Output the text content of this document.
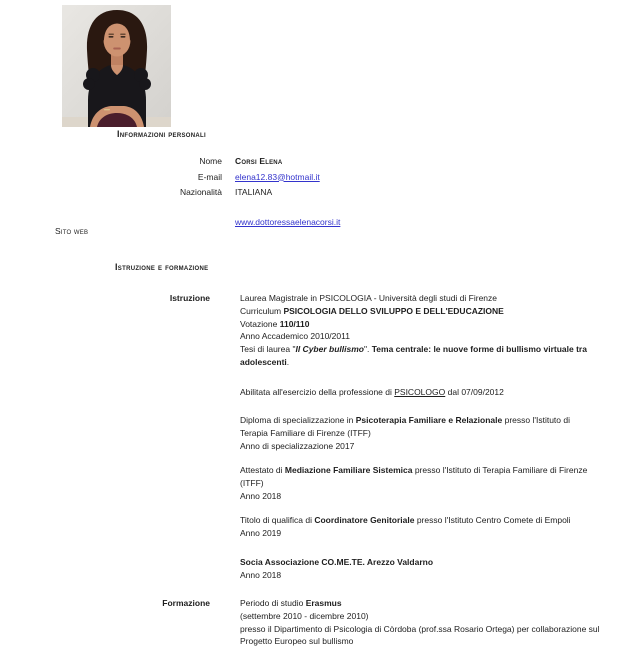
Informazioni personali
Nome Corsi Elena
E-mail elena12.83@hotmail.it
Nazionalità ITALIANA
www.dottoressaelenacorsi.it
Sito web
Istruzione e formazione
Istruzione	Laurea Magistrale in PSICOLOGIA - Università degli studi di Firenze
Curriculum PSICOLOGIA DELLO SVILUPPO E DELL'EDUCAZIONE
Votazione 110/110
Anno Accademico 2010/2011
Tesi di laurea "Il Cyber bullismo". Tema centrale: le nuove forme di bullismo virtuale tra
adolescenti.
Abilitata all'esercizio della professione di PSICOLOGO dal 07/09/2012
Diploma di specializzazione in Psicoterapia Familiare e Relazionale presso l'Istituto di
Terapia Familiare di Firenze (ITFF)
Anno di specializzazione 2017
Attestato di Mediazione Familiare Sistemica presso l'Istituto di Terapia Familiare di Firenze
(ITFF)
Anno 2018
Titolo di qualifica di Coordinatore Genitoriale presso l'Istituto Centro Comete di Empoli
Anno 2019
Socia Associazione CO.ME.TE. Arezzo Valdarno
Anno 2018
Formazione	Periodo di studio Erasmus
(settembre 2010 - dicembre 2010)
presso il Dipartimento di Psicologia di Còrdoba (prof.ssa Rosario Ortega) per collaborazione sul
Progetto Europeo sul bullismo
